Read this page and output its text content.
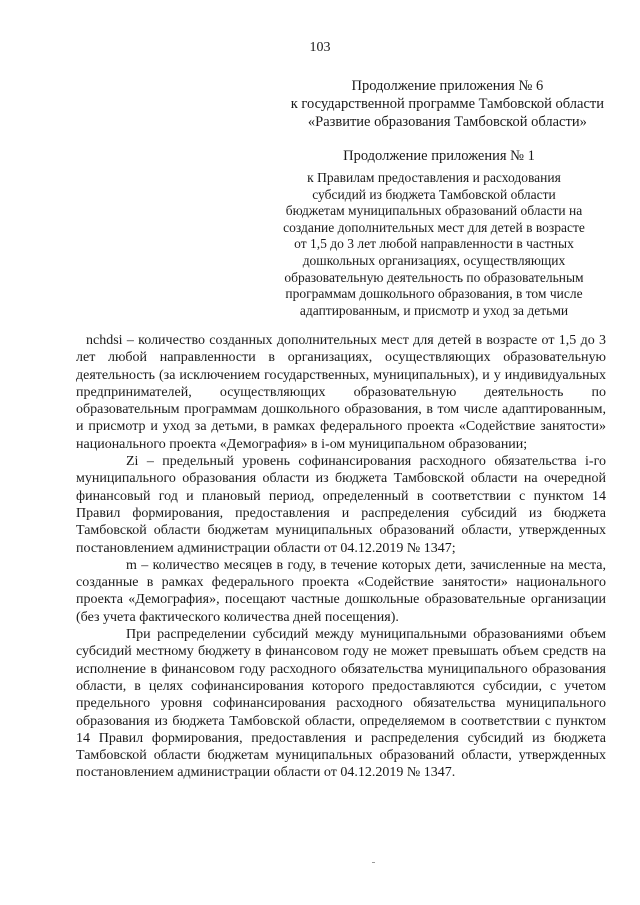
103
Продолжение приложения № 6
к государственной программе Тамбовской области
«Развитие образования Тамбовской области»
Продолжение приложения № 1
к Правилам предоставления и расходования
субсидий из бюджета Тамбовской области
бюджетам муниципальных образований области на
создание дополнительных мест для детей в возрасте
от 1,5 до 3 лет любой направленности в частных
дошкольных организациях, осуществляющих
образовательную деятельность по образовательным
программам дошкольного образования, в том числе
адаптированным, и присмотр и уход за детьми

nchdsi – количество созданных дополнительных мест для детей в возрасте от 1,5 до 3 лет любой направленности в организациях, осуществляющих образовательную деятельность (за исключением государственных, муниципальных), и у индивидуальных предпринимателей, осуществляющих образовательную деятельность по образовательным программам дошкольного образования, в том числе адаптированным, и присмотр и уход за детьми, в рамках федерального проекта «Содействие занятости» национального проекта «Демография» в i-ом муниципальном образовании;

Zi – предельный уровень софинансирования расходного обязательства i-го муниципального образования области из бюджета Тамбовской области на очередной финансовый год и плановый период, определенный в соответствии с пунктом 14 Правил формирования, предоставления и распределения субсидий из бюджета Тамбовской области бюджетам муниципальных образований области, утвержденных постановлением администрации области от 04.12.2019 № 1347;

m – количество месяцев в году, в течение которых дети, зачисленные на места, созданные в рамках федерального проекта «Содействие занятости» национального проекта «Демография», посещают частные дошкольные образовательные организации (без учета фактического количества дней посещения).

При распределении субсидий между муниципальными образованиями объем субсидий местному бюджету в финансовом году не может превышать объем средств на исполнение в финансовом году расходного обязательства муниципального образования области, в целях софинансирования которого предоставляются субсидии, с учетом предельного уровня софинансирования расходного обязательства муниципального образования из бюджета Тамбовской области, определяемом в соответствии с пунктом 14 Правил формирования, предоставления и распределения субсидий из бюджета Тамбовской области бюджетам муниципальных образований области, утвержденных постановлением администрации области от 04.12.2019 № 1347.
